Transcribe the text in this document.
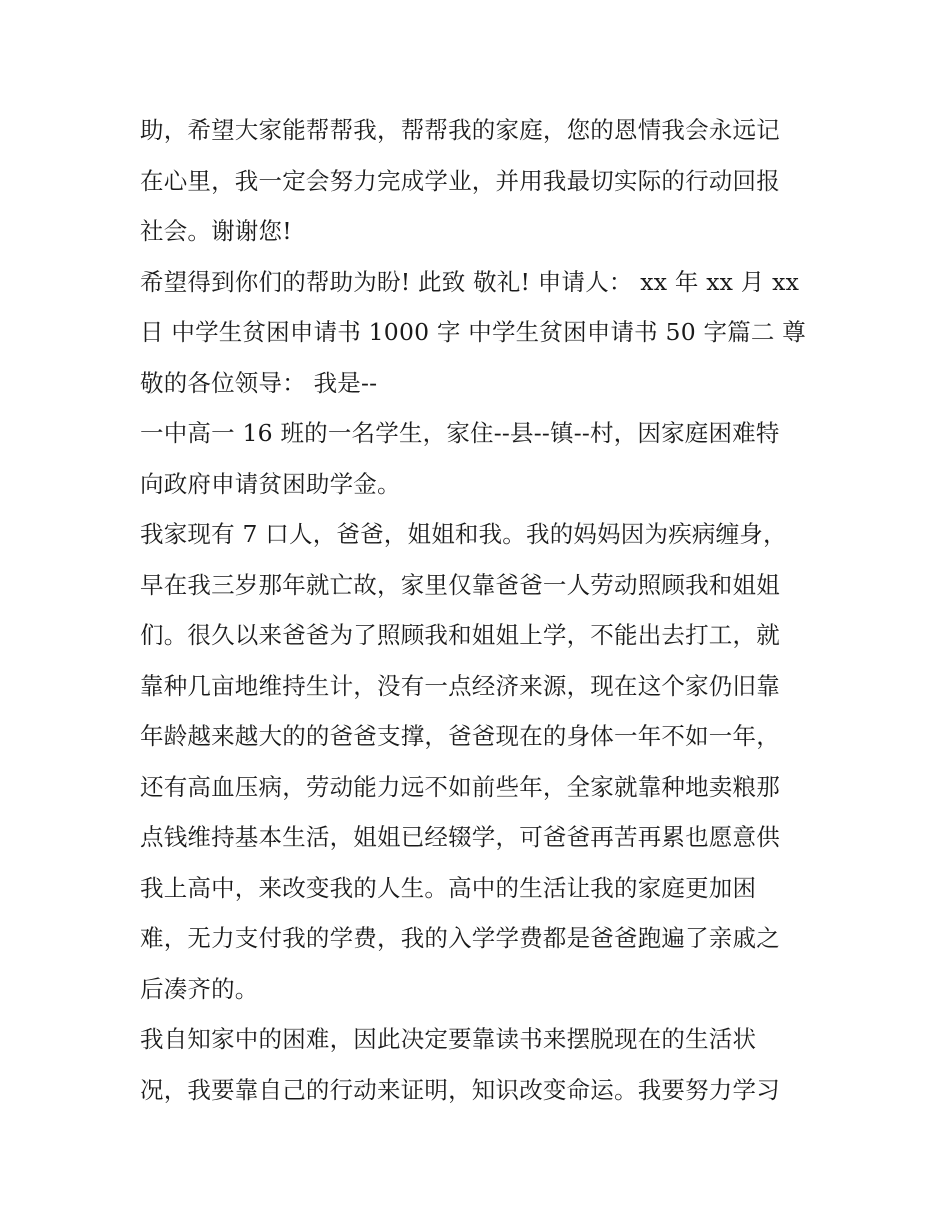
助，希望大家能帮帮我，帮帮我的家庭，您的恩情我会永远记
在心里，我一定会努力完成学业，并用我最切实际的行动回报
社会。谢谢您!
希望得到你们的帮助为盼! 此致 敬礼! 申请人： xx 年 xx 月 xx
日 中学生贫困申请书 1000 字 中学生贫困申请书 50 字篇二 尊
敬的各位领导： 我是--
一中高一 16 班的一名学生，家住--县--镇--村，因家庭困难特
向政府申请贫困助学金。
我家现有 7 口人，爸爸，姐姐和我。我的妈妈因为疾病缠身，
早在我三岁那年就亡故，家里仅靠爸爸一人劳动照顾我和姐姐
们。很久以来爸爸为了照顾我和姐姐上学，不能出去打工，就
靠种几亩地维持生计，没有一点经济来源，现在这个家仍旧靠
年龄越来越大的的爸爸支撑，爸爸现在的身体一年不如一年，
还有高血压病，劳动能力远不如前些年，全家就靠种地卖粮那
点钱维持基本生活，姐姐已经辍学，可爸爸再苦再累也愿意供
我上高中，来改变我的人生。高中的生活让我的家庭更加困
难，无力支付我的学费，我的入学学费都是爸爸跑遍了亲戚之
后凑齐的。
我自知家中的困难，因此决定要靠读书来摆脱现在的生活状
况，我要靠自己的行动来证明，知识改变命运。我要努力学习
